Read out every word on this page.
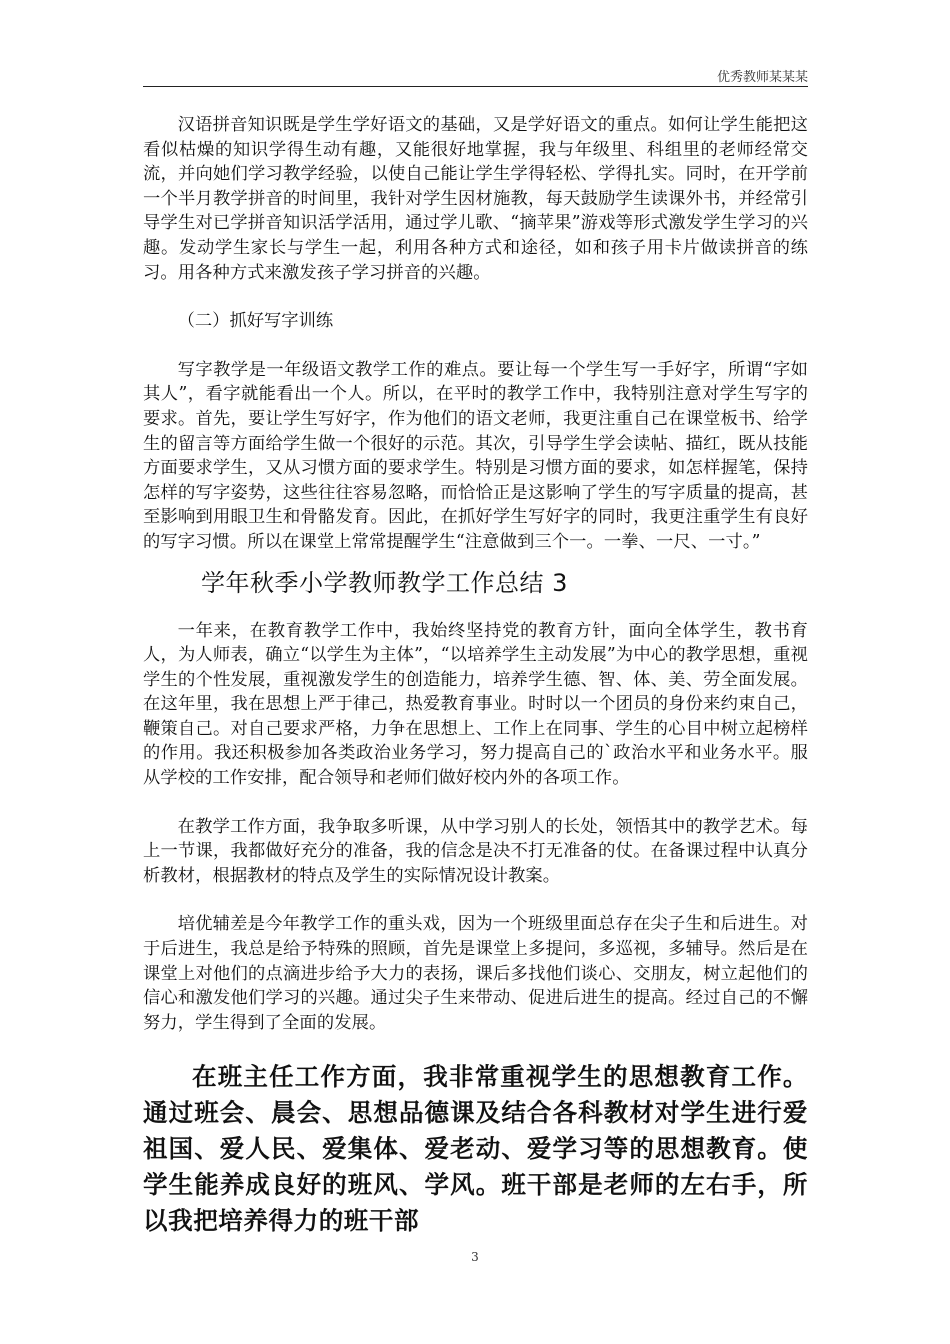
优秀教师某某某

汉语拼音知识既是学生学好语文的基础，又是学好语文的重点。如何让学生能把这看似枯燥的知识学得生动有趣，又能很好地掌握，我与年级里、科组里的老师经常交流，并向她们学习教学经验，以使自己能让学生学得轻松、学得扎实。同时，在开学前一个半月教学拼音的时间里，我针对学生因材施教，每天鼓励学生读课外书，并经常引导学生对已学拼音知识活学活用，通过学儿歌、“摘苹果”游戏等形式激发学生学习的兴趣。发动学生家长与学生一起，利用各种方式和途径，如和孩子用卡片做读拼音的练习。用各种方式来激发孩子学习拼音的兴趣。

（二）抓好写字训练

写字教学是一年级语文教学工作的难点。要让每一个学生写一手好字，所谓“字如其人”，看字就能看出一个人。所以，在平时的教学工作中，我特别注意对学生写字的要求。首先，要让学生写好字，作为他们的语文老师，我更注重自己在课堂板书、给学生的留言等方面给学生做一个很好的示范。其次，引导学生学会读帖、描红，既从技能方面要求学生，又从习惯方面的要求学生。特别是习惯方面的要求，如怎样握笔，保持怎样的写字姿势，这些往往容易忽略，而恰恰正是这影响了学生的写字质量的提高，甚至影响到用眼卫生和骨骼发育。因此，在抓好学生写好字的同时，我更注重学生有良好的写字习惯。所以在课堂上常常提醒学生“注意做到三个一。一拳、一尺、一寸。”

学年秋季小学教师教学工作总结 3

一年来，在教育教学工作中，我始终坚持党的教育方针，面向全体学生，教书育人，为人师表，确立“以学生为主体”，“以培养学生主动发展”为中心的教学思想，重视学生的个性发展，重视激发学生的创造能力，培养学生德、智、体、美、劳全面发展。在这年里，我在思想上严于律己，热爱教育事业。时时以一个团员的身份来约束自己，鞭策自己。对自己要求严格，力争在思想上、工作上在同事、学生的心目中树立起榜样的作用。我还积极参加各类政治业务学习，努力提高自己的`政治水平和业务水平。服从学校的工作安排，配合领导和老师们做好校内外的各项工作。

在教学工作方面，我争取多听课，从中学习别人的长处，领悟其中的教学艺术。每上一节课，我都做好充分的准备，我的信念是决不打无准备的仗。在备课过程中认真分析教材，根据教材的特点及学生的实际情况设计教案。

培优辅差是今年教学工作的重头戏，因为一个班级里面总存在尖子生和后进生。对于后进生，我总是给予特殊的照顾，首先是课堂上多提问，多巡视，多辅导。然后是在课堂上对他们的点滴进步给予大力的表扬，课后多找他们谈心、交朋友，树立起他们的信心和激发他们学习的兴趣。通过尖子生来带动、促进后进生的提高。经过自己的不懈努力，学生得到了全面的发展。

在班主任工作方面，我非常重视学生的思想教育工作。通过班会、晨会、思想品德课及结合各科教材对学生进行爱祖国、爱人民、爱集体、爱老动、爱学习等的思想教育。使学生能养成良好的班风、学风。班干部是老师的左右手，所以我把培养得力的班干部

3
